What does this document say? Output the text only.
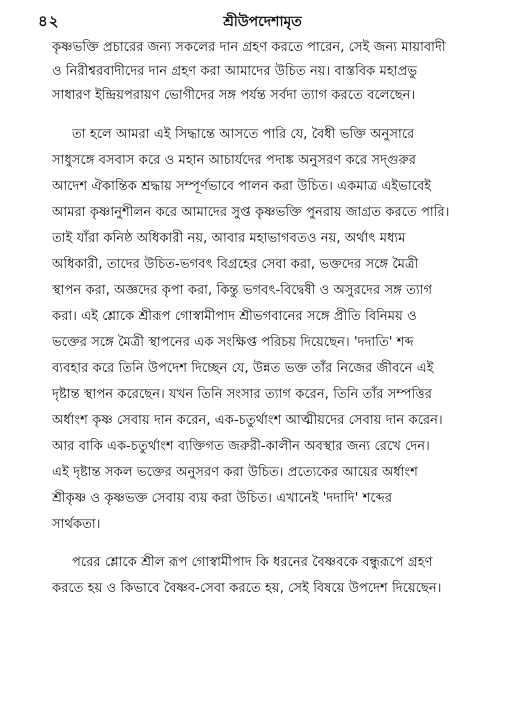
৪২	শ্রীউপদেশামৃত
কৃষ্ণভক্তি প্রচারের জন্য সকলের দান গ্রহণ করতে পারেন, সেই জন্য মায়াবাদী
ও নিরীশ্বরবাদীদের দান গ্রহণ করা আমাদের উচিত নয়। বাস্তবিক মহাপ্রভু
সাধারণ ইন্দ্রিয়পরায়ণ ভোগীদের সঙ্গ পর্যন্ত সর্বদা ত্যাগ করতে বলেছেন।
তা হলে আমরা এই সিদ্ধান্তে আসতে পারি যে, বৈধী ভক্তি অনুসারে
সাধুসঙ্গে বসবাস করে ও মহান আচার্যদের পদাঙ্ক অনুসরণ করে সদ্গুরুর
আদেশ ঐকান্তিক শ্রদ্ধায় সম্পূর্ণভাবে পালন করা উচিত। একমাত্র এইভাবেই
আমরা কৃষ্ণানুশীলন করে আমাদের সুপ্ত কৃষ্ণভক্তি পুনরায় জাগ্রত করতে পারি।
তাই যাঁরা কনিষ্ঠ অধিকারী নয়, আবার মহাভাগবতও নয়, অর্থাৎ মধ্যম
অধিকারী, তাদের উচিত-ভগবৎ বিগ্রহের সেবা করা, ভক্তদের সঙ্গে মৈত্রী
স্থাপন করা, অজ্ঞদের কৃপা করা, কিন্তু ভগবৎ-বিদ্বেষী ও অসুরদের সঙ্গ ত্যাগ
করা। এই শ্লোকে শ্রীরূপ গোস্বামীপাদ শ্রীভগবানের সঙ্গে প্রীতি বিনিময় ও
ভক্তের সঙ্গে মৈত্রী স্থাপনের এক সংক্ষিপ্ত পরিচয় দিয়েছেন। 'দদাতি' শব্দ
ব্যবহার করে তিনি উপদেশ দিচ্ছেন যে, উন্নত ভক্ত তাঁর নিজের জীবনে এই
দৃষ্টান্ত স্থাপন করেছেন। যখন তিনি সংসার ত্যাগ করেন, তিনি তাঁর সম্পত্তির
অর্ধাংশ কৃষ্ণ সেবায় দান করেন, এক-চতুর্থাংশ আত্মীয়দের সেবায় দান করেন।
আর বাকি এক-চতুর্থাংশ ব্যক্তিগত জরুরী-কালীন অবস্থার জন্য রেখে দেন।
এই দৃষ্টান্ত সকল ভক্তের অনুসরণ করা উচিত। প্রত্যেকের আয়ের অর্ধাংশ
শ্রীকৃষ্ণ ও কৃষ্ণভক্ত সেবায় ব্যয় করা উচিত। এখানেই 'দদাদি' শব্দের
সার্থকতা।
পরের শ্লোকে শ্রীল রূপ গোস্বামীপাদ কি ধরনের বৈষ্ণবকে বন্ধুরূপে গ্রহণ
করতে হয় ও কিভাবে বৈষ্ণব-সেবা করতে হয়, সেই বিষয়ে উপদেশ দিয়েছেন।
